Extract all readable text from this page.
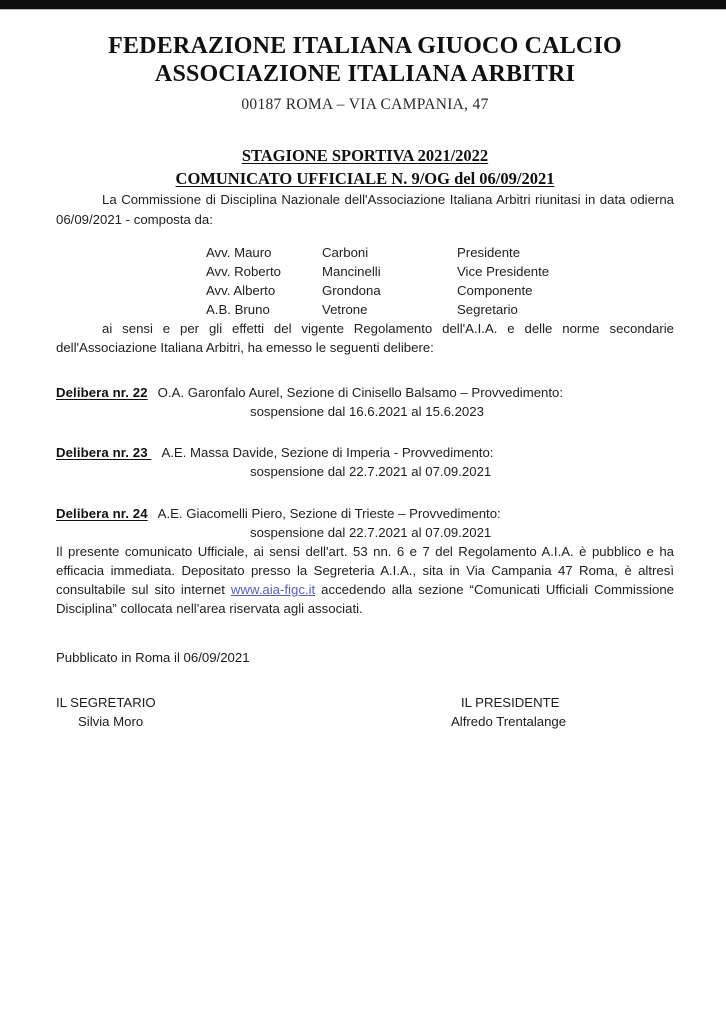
FEDERAZIONE ITALIANA GIUOCO CALCIO
ASSOCIAZIONE ITALIANA ARBITRI
00187 ROMA – VIA CAMPANIA, 47
STAGIONE SPORTIVA 2021/2022
COMUNICATO UFFICIALE N. 9/OG del 06/09/2021

La Commissione di Disciplina Nazionale dell'Associazione Italiana Arbitri riunitasi in data odierna 06/09/2021 - composta da:

Avv. Mauro	Carboni	Presidente
Avv. Roberto	Mancinelli	Vice Presidente
Avv. Alberto	Grondona	Componente
A.B. Bruno	Vetrone	Segretario

ai sensi e per gli effetti del vigente Regolamento dell'A.I.A. e delle norme secondarie dell'Associazione Italiana Arbitri, ha emesso le seguenti delibere:

Delibera nr. 22 O.A. Garonfalo Aurel, Sezione di Cinisello Balsamo – Provvedimento:
sospensione dal 16.6.2021 al 15.6.2023
Delibera nr. 23 A.E. Massa Davide, Sezione di Imperia - Provvedimento:
sospensione dal 22.7.2021 al 07.09.2021
Delibera nr. 24 A.E. Giacomelli Piero, Sezione di Trieste – Provvedimento:
sospensione dal 22.7.2021 al 07.09.2021

Il presente comunicato Ufficiale, ai sensi dell'art. 53 nn. 6 e 7 del Regolamento A.I.A. è pubblico e ha efficacia immediata. Depositato presso la Segreteria A.I.A., sita in Via Campania 47 Roma, è altresì consultabile sul sito internet www.aia-figc.it accedendo alla sezione “Comunicati Ufficiali Commissione Disciplina” collocata nell'area riservata agli associati.

Pubblicato in Roma il 06/09/2021
IL SEGRETARIO
Silvia Moro
IL PRESIDENTE
Alfredo Trentalange
